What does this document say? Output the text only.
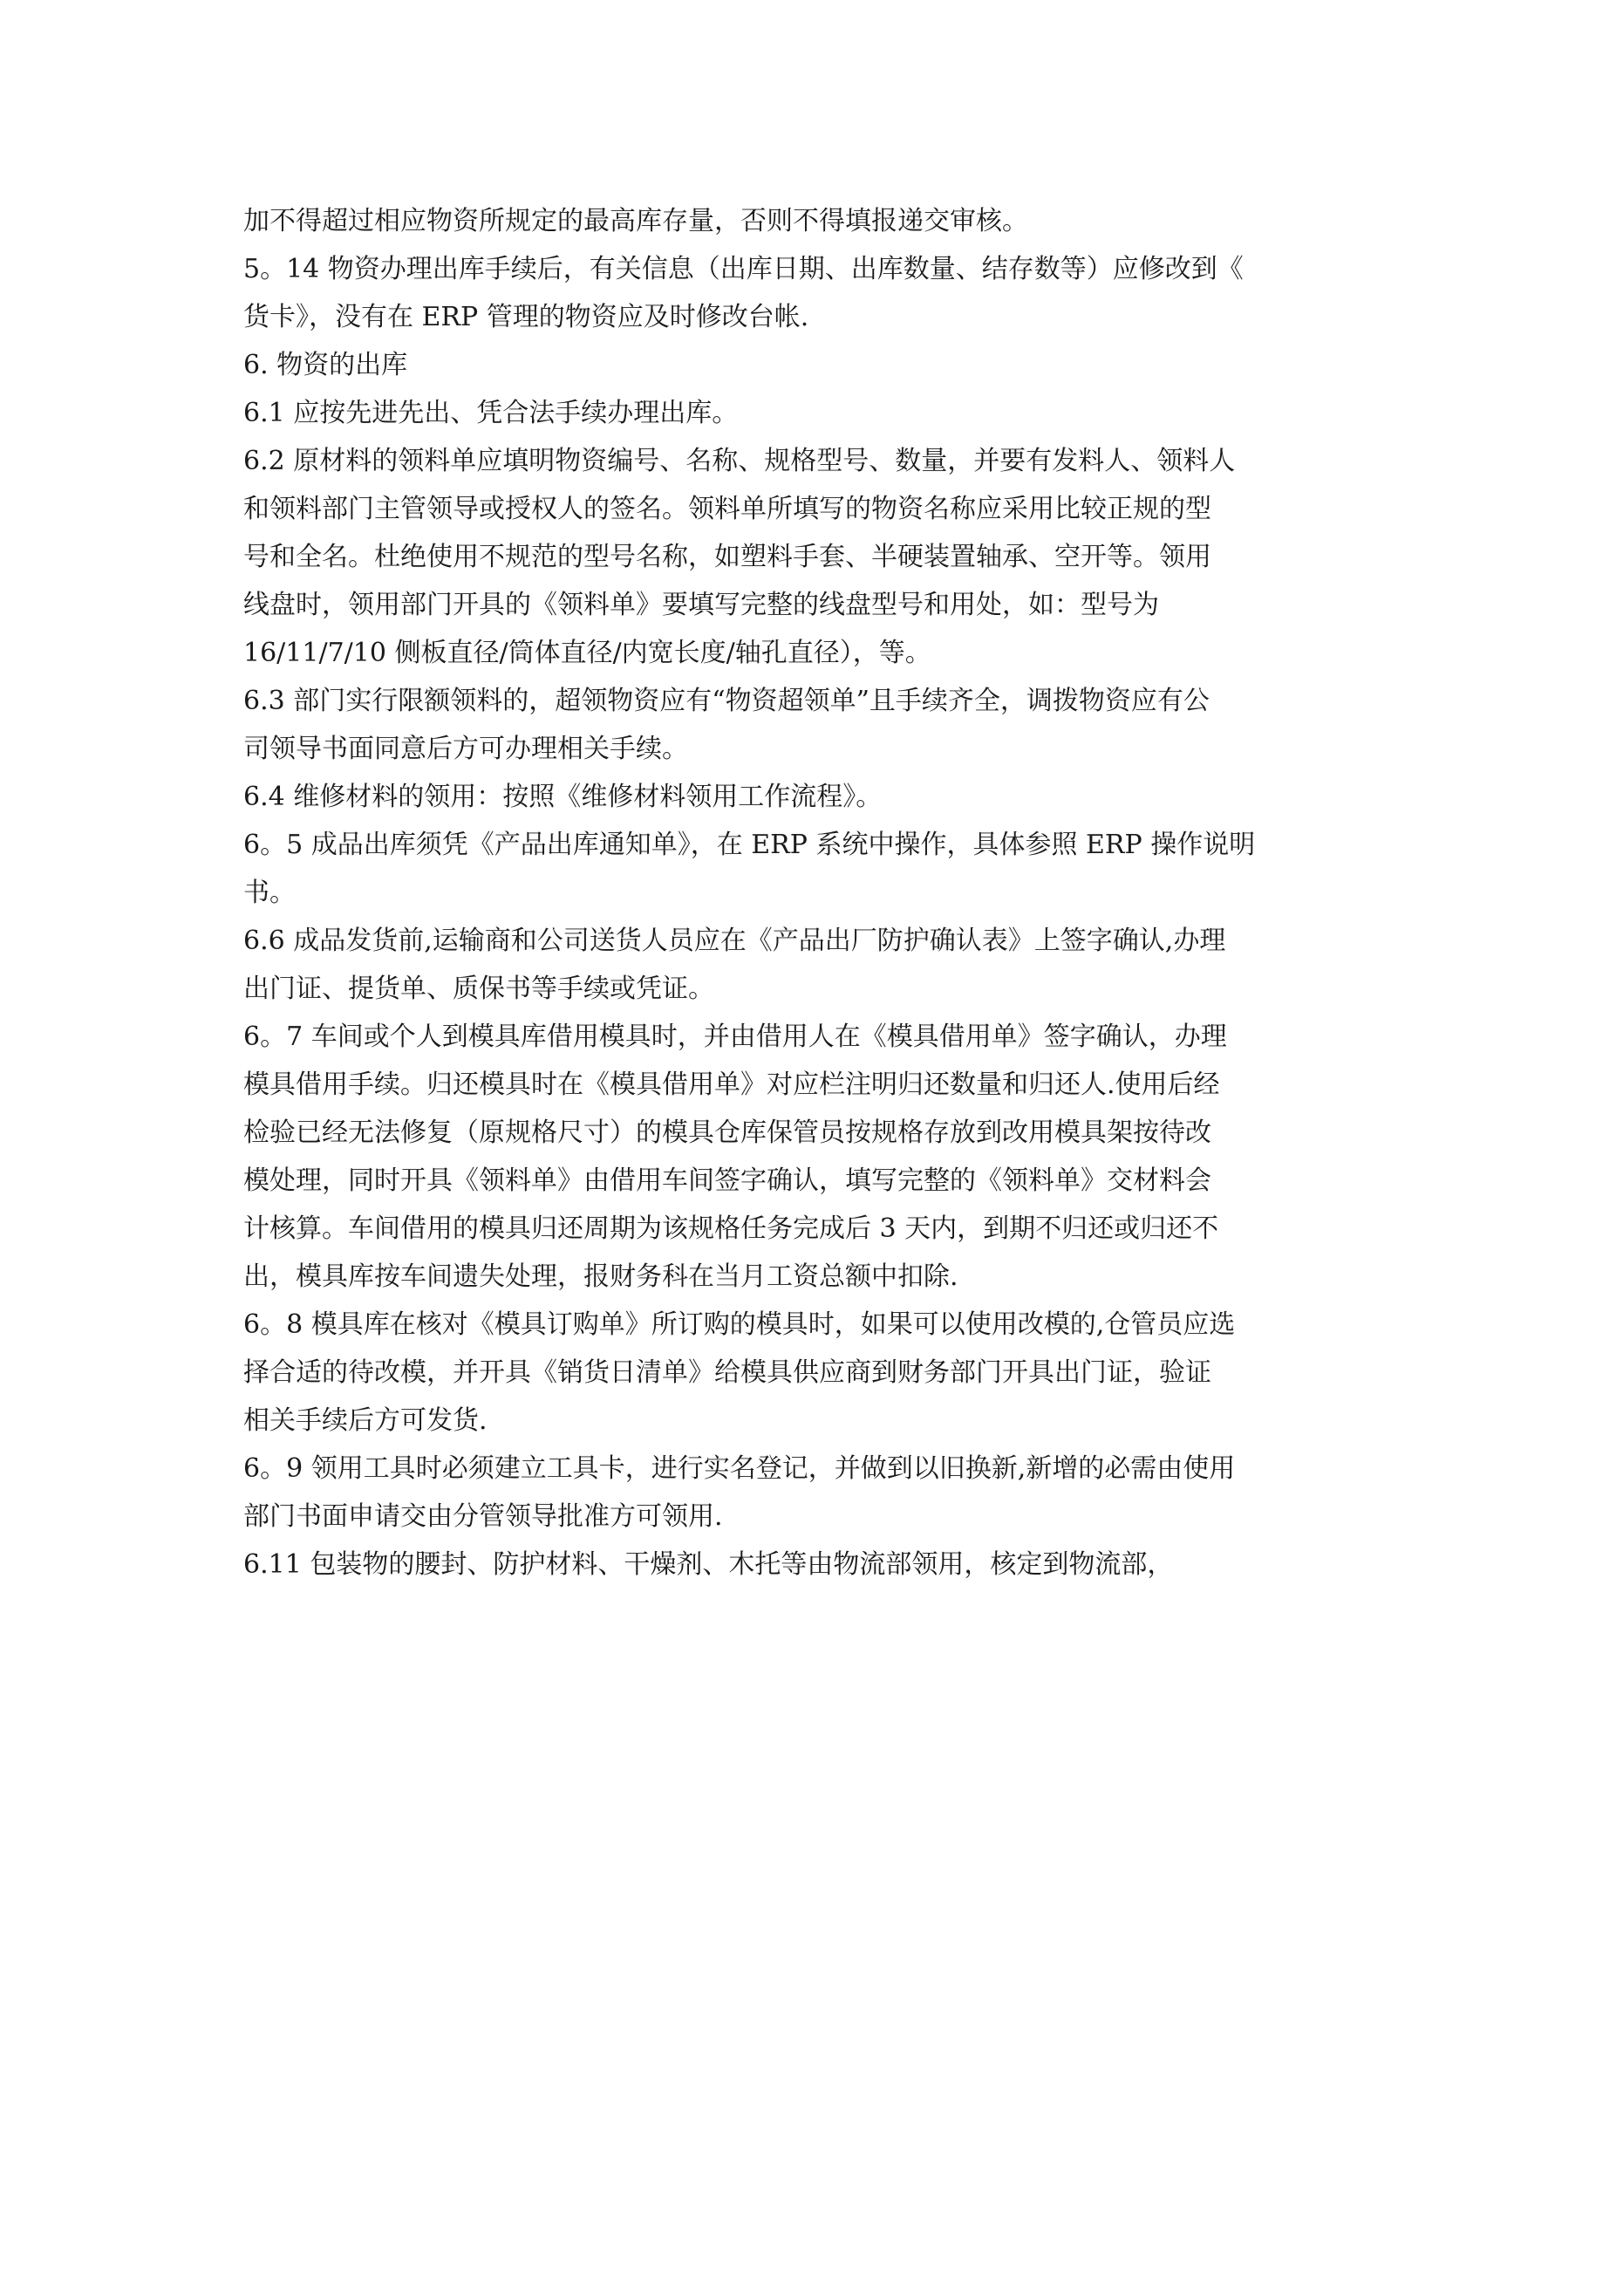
加不得超过相应物资所规定的最高库存量，否则不得填报递交审核。
5。14 物资办理出库手续后，有关信息（出库日期、出库数量、结存数等）应修改到《
货卡》，没有在 ERP 管理的物资应及时修改台帐.
6. 物资的出库
6.1 应按先进先出、凭合法手续办理出库。
6.2 原材料的领料单应填明物资编号、名称、规格型号、数量，并要有发料人、领料人
和领料部门主管领导或授权人的签名。领料单所填写的物资名称应采用比较正规的型
号和全名。杜绝使用不规范的型号名称，如塑料手套、半硬装置轴承、空开等。领用
线盘时，领用部门开具的《领料单》要填写完整的线盘型号和用处，如：型号为
16/11/7/10 侧板直径/筒体直径/内宽长度/轴孔直径），等。
6.3 部门实行限额领料的，超领物资应有“物资超领单”且手续齐全，调拨物资应有公
司领导书面同意后方可办理相关手续。
6.4 维修材料的领用：按照《维修材料领用工作流程》。
6。5 成品出库须凭《产品出库通知单》，在 ERP 系统中操作，具体参照 ERP 操作说明
书。
6.6 成品发货前,运输商和公司送货人员应在《产品出厂防护确认表》上签字确认,办理
出门证、提货单、质保书等手续或凭证。
6。7 车间或个人到模具库借用模具时，并由借用人在《模具借用单》签字确认，办理
模具借用手续。归还模具时在《模具借用单》对应栏注明归还数量和归还人.使用后经
检验已经无法修复（原规格尺寸）的模具仓库保管员按规格存放到改用模具架按待改
模处理，同时开具《领料单》由借用车间签字确认，填写完整的《领料单》交材料会
计核算。车间借用的模具归还周期为该规格任务完成后 3 天内，到期不归还或归还不
出，模具库按车间遗失处理，报财务科在当月工资总额中扣除.
6。8 模具库在核对《模具订购单》所订购的模具时，如果可以使用改模的,仓管员应选
择合适的待改模，并开具《销货日清单》给模具供应商到财务部门开具出门证，验证
相关手续后方可发货.
6。9 领用工具时必须建立工具卡，进行实名登记，并做到以旧换新,新增的必需由使用
部门书面申请交由分管领导批准方可领用.
6.11 包装物的腰封、防护材料、干燥剂、木托等由物流部领用，核定到物流部，
